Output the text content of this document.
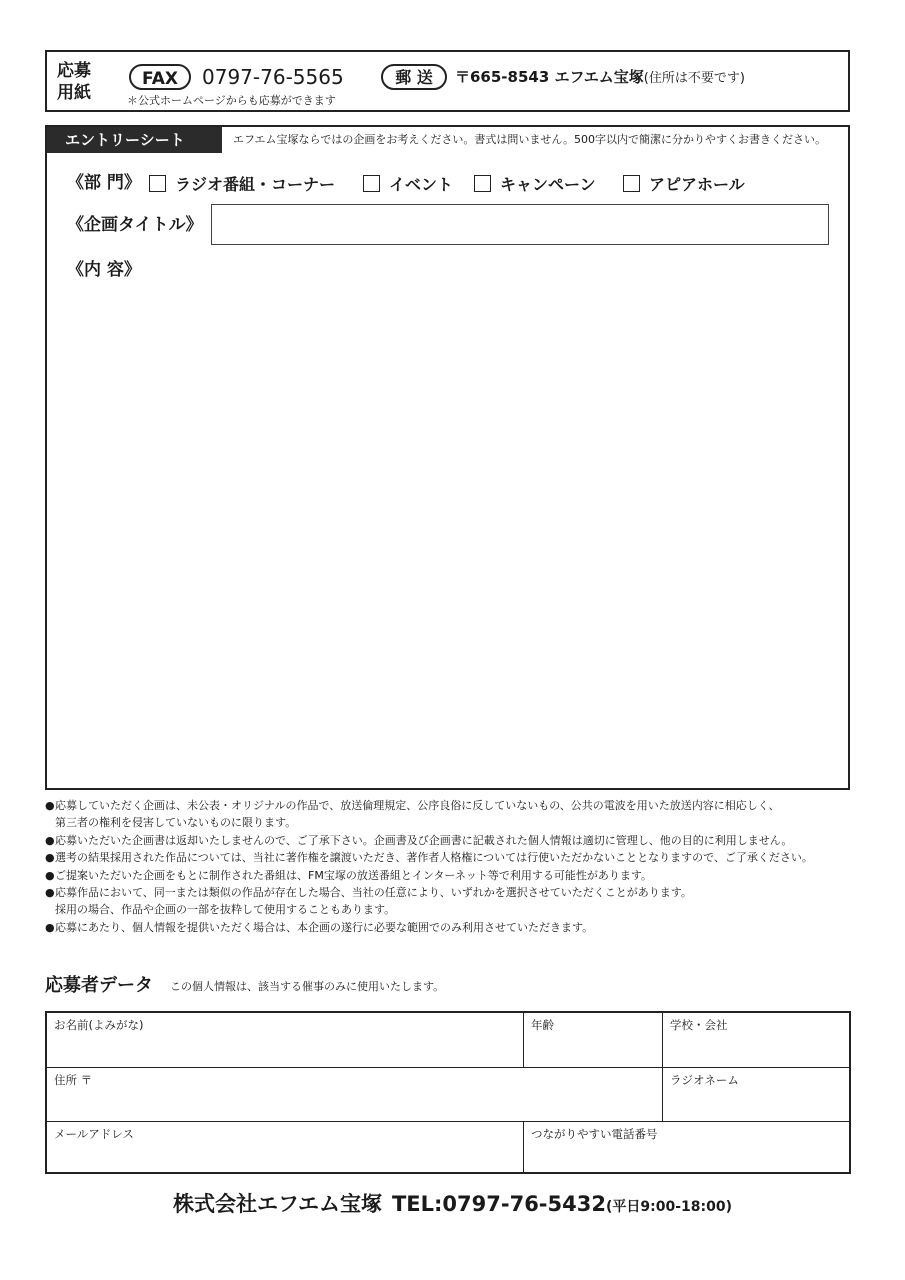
応募
用紙
FAX	0797-76-5565	郵 送	〒665-8543 エフエム宝塚(住所は不要です)
＊公式ホームページからも応募ができます
エントリーシート	エフエム宝塚ならではの企画をお考えください。書式は問いません。500字以内で簡潔に分かりやすくお書きください。
《部 門》 ラジオ番組・コーナー	イベント	キャンペーン	アピアホール
《企画タイトル》
《内 容》
● 応募していただく企画は、未公表・オリジナルの作品で、放送倫理規定、公序良俗に反していないもの、公共の電波を用いた放送内容に相応しく、
第三者の権利を侵害していないものに限ります。
● 応募いただいた企画書は返却いたしませんので、ご了承下さい。企画書及び企画書に記載された個人情報は適切に管理し、他の目的に利用しません。
● 選考の結果採用された作品については、当社に著作権を譲渡いただき、著作者人格権については行使いただかないこととなりますので、ご了承ください。
● ご提案いただいた企画をもとに制作された番組は、FM宝塚の放送番組とインターネット等で利用する可能性があります。
● 応募作品において、同一または類似の作品が存在した場合、当社の任意により、いずれかを選択させていただくことがあります。
採用の場合、作品や企画の一部を抜粋して使用することもあります。
● 応募にあたり、個人情報を提供いただく場合は、本企画の遂行に必要な範囲でのみ利用させていただきます。
応募者データ この個人情報は、該当する催事のみに使用いたします。
お名前(よみがな)	年齢	学校・会社
住所 〒	ラジオネーム
メールアドレス	つながりやすい電話番号
株式会社エフエム宝塚 TEL:0797-76-5432(平日9:00-18:00)
